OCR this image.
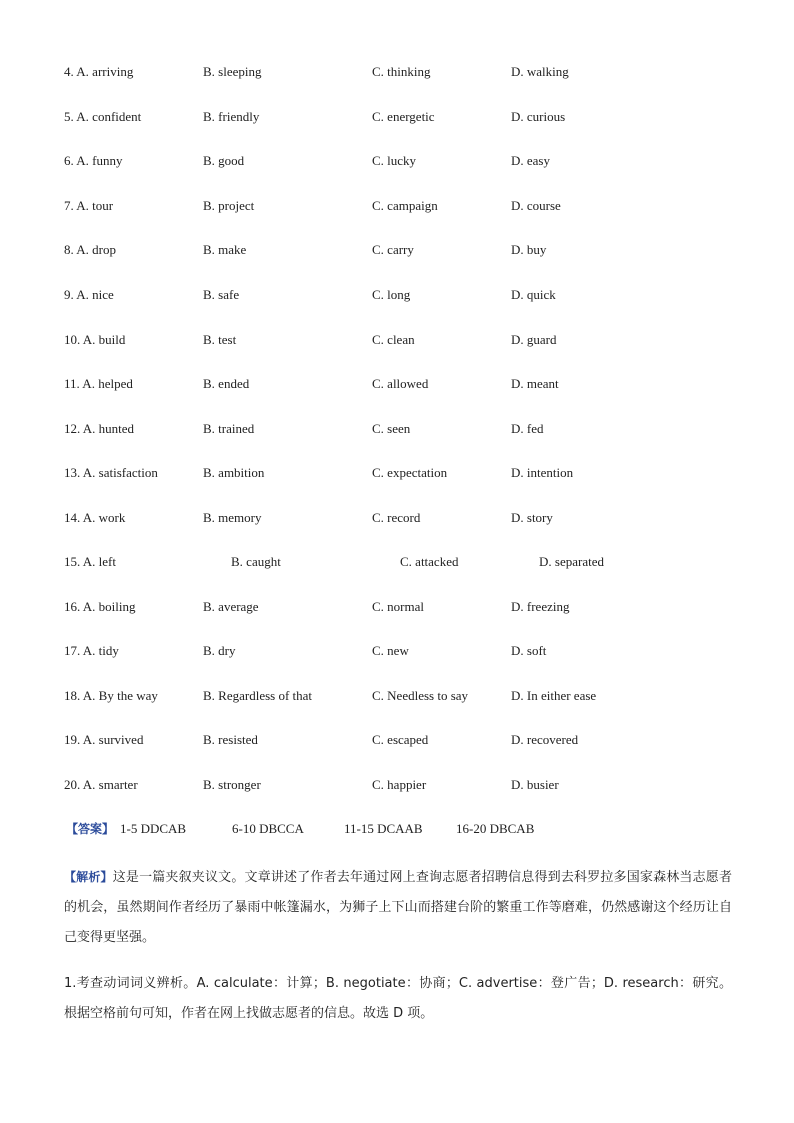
4. A. arriving	B. sleeping	C. thinking	D. walking
5. A. confident	B. friendly	C. energetic	D. curious
6. A. funny	B. good	C. lucky	D. easy
7. A. tour	B. project	C. campaign	D. course
8. A. drop	B. make	C. carry	D. buy
9. A. nice	B. safe	C. long	D. quick
10. A. build	B. test	C. clean	D. guard
11. A. helped	B. ended	C. allowed	D. meant
12. A. hunted	B. trained	C. seen	D. fed
13. A. satisfaction	B. ambition	C. expectation	D. intention
14. A. work	B. memory	C. record	D. story
15. A. left	B. caught	C. attacked	D. separated
16. A. boiling	B. average	C. normal	D. freezing
17. A. tidy	B. dry	C. new	D. soft
18. A. By the way	B. Regardless of that	C. Needless to say	D. In either ease
19. A. survived	B. resisted	C. escaped	D. recovered
20. A. smarter	B. stronger	C. happier	D. busier
【答案】 1-5 DDCAB	6-10 DBCCA	11-15 DCAAB	16-20 DBCAB
【解析】这是一篇夹叙夹议文。文章讲述了作者去年通过网上查询志愿者招聘信息得到去科罗拉多国家森林当志愿者的机会，虽然期间作者经历了暴雨中帐篷漏水，为狮子上下山而搭建台阶的繁重工作等磨难，仍然感谢这个经历让自己变得更坚强。
1.考查动词词义辨析。A. calculate：计算；B. negotiate：协商；C. advertise：登广告；D. research：研究。根据空格前句可知，作者在网上找做志愿者的信息。故选 D 项。
